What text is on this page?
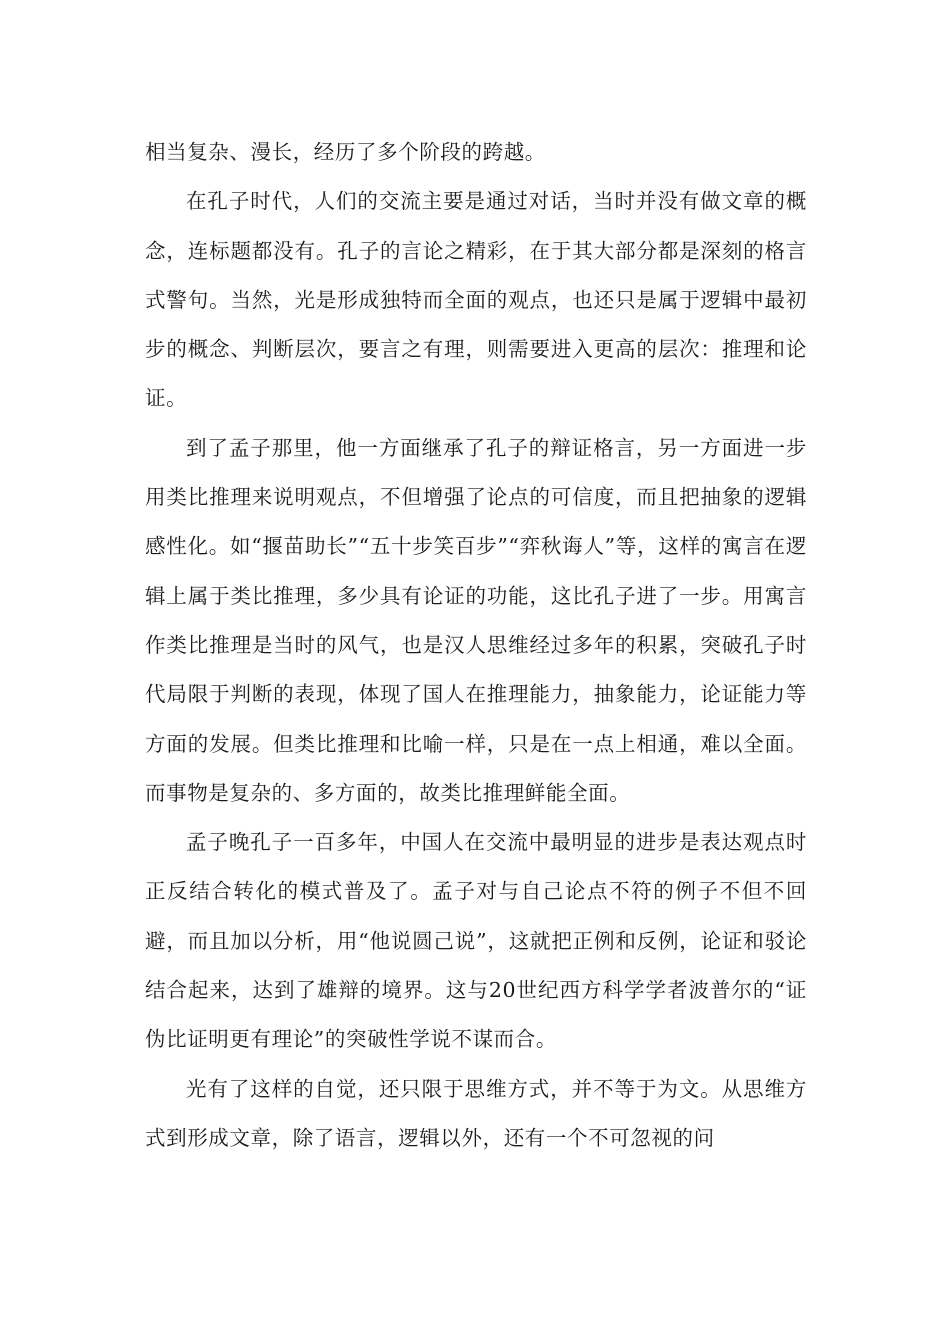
相当复杂、漫长，经历了多个阶段的跨越。

在孔子时代，人们的交流主要是通过对话，当时并没有做文章的概念，连标题都没有。孔子的言论之精彩，在于其大部分都是深刻的格言式警句。当然，光是形成独特而全面的观点，也还只是属于逻辑中最初步的概念、判断层次，要言之有理，则需要进入更高的层次：推理和论证。

到了孟子那里，他一方面继承了孔子的辩证格言，另一方面进一步用类比推理来说明观点，不但增强了论点的可信度，而且把抽象的逻辑感性化。如“揠苗助长”“五十步笑百步”“弈秋诲人”等，这样的寓言在逻辑上属于类比推理，多少具有论证的功能，这比孔子进了一步。用寓言作类比推理是当时的风气，也是汉人思维经过多年的积累，突破孔子时代局限于判断的表现，体现了国人在推理能力，抽象能力，论证能力等方面的发展。但类比推理和比喻一样，只是在一点上相通，难以全面。而事物是复杂的、多方面的，故类比推理鲜能全面。

孟子晚孔子一百多年，中国人在交流中最明显的进步是表达观点时正反结合转化的模式普及了。孟子对与自己论点不符的例子不但不回避，而且加以分析，用“他说圆己说”，这就把正例和反例，论证和驳论结合起来，达到了雄辩的境界。这与20世纪西方科学学者波普尔的“证伪比证明更有理论”的突破性学说不谋而合。

光有了这样的自觉，还只限于思维方式，并不等于为文。从思维方式到形成文章，除了语言，逻辑以外，还有一个不可忽视的问
